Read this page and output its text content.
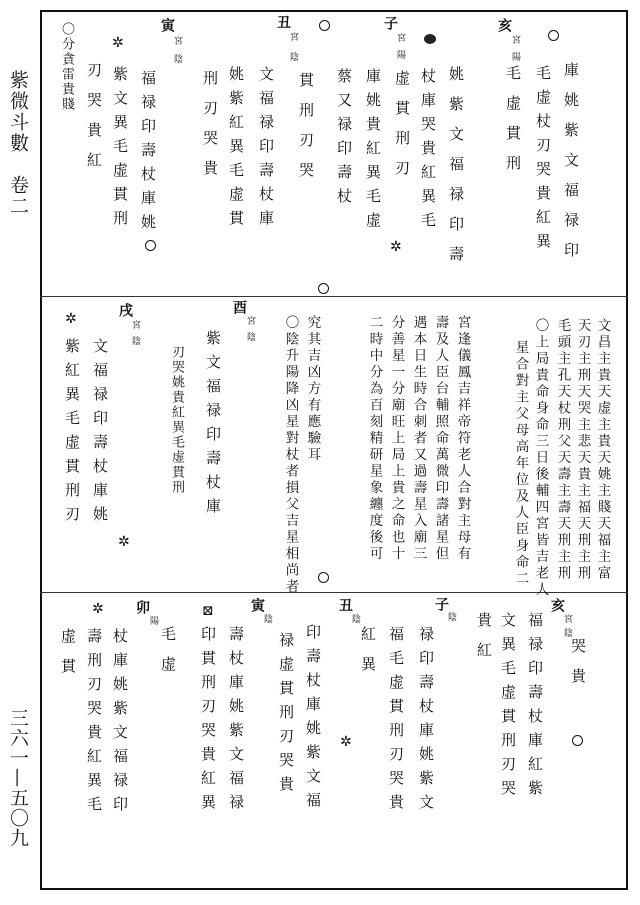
紫微斗數　卷二
三六一—五〇九
亥
宮
陽
庫姚紫文福禄印
毛虚杖刃哭貴紅異
毛虚貫刑
子
宮
陽
姚紫文福禄印壽
杖庫哭貴紅異毛
虚貫刑刃
丑
宮
陰
貫刑刃哭	庫姚貴紅異毛虚
蔡又禄印壽杖
✲
寅
宮
陰
文福禄印壽杖庫
姚紫紅異毛虚貫
刑刃哭貴
福禄印壽杖庫姚
紫文異毛虚貫刑
刃哭貴紅
〇分貪雷貴賤	✲
文昌主貴天虚主貴天姚主賤天福主富
天刃主刑天哭主悲天貴主福天刑主刑
毛頭主孔天杖刑父天壽主壽天刑主刑
〇上局貴命身命三日後輔四宮皆吉老人
星合對主父母高年位及人臣身命二
宮逢儀鳳吉祥帝符老人合對主母有
壽及人臣台輔照命萬微印壽諸星但
遇本日生時合刺者又過壽星入廟三
分善星一分廟旺上局上貴之命也十
二時中分為百刻精研星象纏度後可
究其吉凶方有應驗耳
〇陰升陽降凶星對杖者損父吉星相尚者
酉
宮
陰
紫文福禄印壽杖庫
刃哭姚貴紅異毛虚貫刑
戌
宮
陰
文福禄印壽杖庫姚
紫紅異毛虚貫刑刃
✲
✲
亥
宮
陰
哭貴
福禄印壽杖庫紅紫
文異毛虚貫刑刃哭
貴紅
子
陰
禄印壽杖庫姚紫文
福毛虚貫刑刃哭貴
紅異
丑
陰
印壽杖庫姚紫文福
禄虚貫刑刃哭貴	✲
寅
陰
壽杖庫姚紫文福禄
印貫刑刃哭貴紅異
毛虚
卯
陽
杖庫姚紫文福禄印
壽刑刃哭貴紅異毛
虚貫
⊠
✲
